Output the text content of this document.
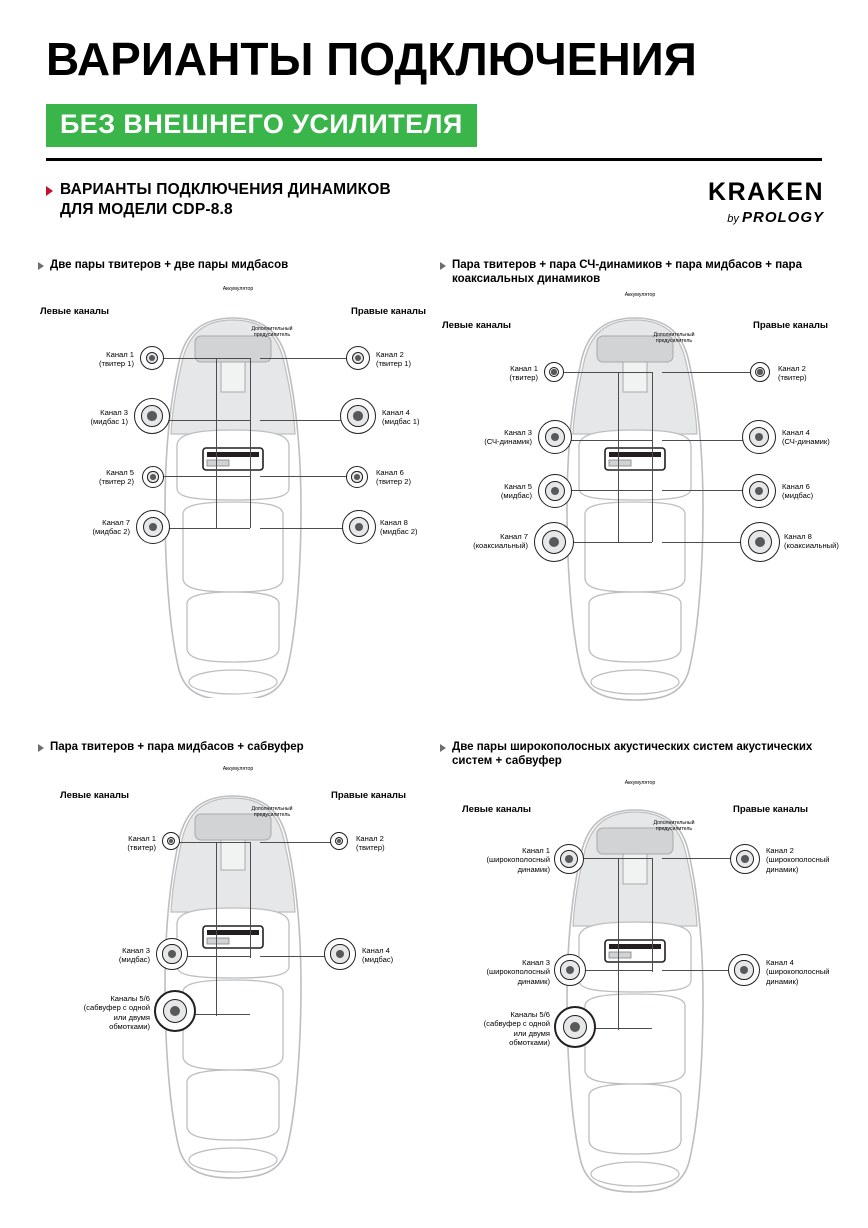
ВАРИАНТЫ ПОДКЛЮЧЕНИЯ
БЕЗ ВНЕШНЕГО УСИЛИТЕЛЯ
ВАРИАНТЫ ПОДКЛЮЧЕНИЯ ДИНАМИКОВ
ДЛЯ МОДЕЛИ CDP-8.8
KRAKEN
by PROLOGY
Две пары твитеров + две пары мидбасов
Аккумулятор
Дополнительный
предусилитель
Левые каналы	Правые каналы
Канал 1
(твитер 1)
Канал 3
(мидбас 1)
Канал 5
(твитер 2)
Канал 7
(мидбас 2)
Канал 2
(твитер 1)
Канал 4
(мидбас 1)
Канал 6
(твитер 2)
Канал 8
(мидбас 2)
Пара твитеров + пара СЧ-динамиков + пара мидбасов + пара коаксиальных динамиков
Аккумулятор
Дополнительный
предусилитель
Левые каналы	Правые каналы
Канал 1
(твитер)
Канал 3
(СЧ-динамик)
Канал 5
(мидбас)
Канал 7
(коаксиальный)
Канал 2
(твитер)
Канал 4
(СЧ-динамик)
Канал 6
(мидбас)
Канал 8
(коаксиальный)
Пара твитеров + пара мидбасов + сабвуфер
Аккумулятор
Дополнительный
предусилитель
Левые каналы	Правые каналы
Канал 1
(твитер)
Канал 3
(мидбас)
Каналы 5/6
(сабвуфер с одной
или двумя
обмотками)
Канал 2
(твитер)
Канал 4
(мидбас)
Две пары широкополосных акустических систем акустических систем + сабвуфер
Аккумулятор
Дополнительный
предусилитель
Левые каналы	Правые каналы
Канал 1
(широкополосный
динамик)
Канал 3
(широкополосный
динамик)
Каналы 5/6
(сабвуфер с одной
или двумя
обмотками)
Канал 2
(широкополосный
динамик)
Канал 4
(широкополосный
динамик)
